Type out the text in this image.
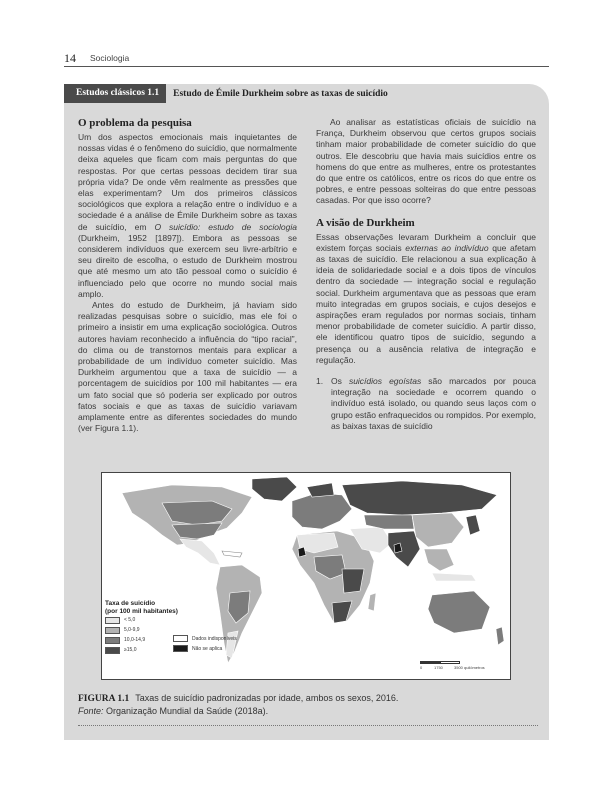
14 Sociologia
Estudos clássicos 1.1	Estudo de Émile Durkheim sobre as taxas de suicídio
O problema da pesquisa

Um dos aspectos emocionais mais inquietantes de nossas vidas é o fenômeno do suicídio, que normalmente deixa aqueles que ficam com mais perguntas do que respostas. Por que certas pessoas decidem tirar sua própria vida? De onde vêm realmente as pressões que elas experimentam? Um dos primeiros clássicos sociológicos que explora a relação entre o indivíduo e a sociedade é a análise de Émile Durkheim sobre as taxas de suicídio, em O suicídio: estudo de sociologia (Durkheim, 1952 [1897]). Embora as pessoas se considerem indivíduos que exercem seu livre-arbítrio e seu direito de escolha, o estudo de Durkheim mostrou que até mesmo um ato tão pessoal como o suicídio é influenciado pelo que ocorre no mundo social mais amplo.

Antes do estudo de Durkheim, já haviam sido realizadas pesquisas sobre o suicídio, mas ele foi o primeiro a insistir em uma explicação sociológica. Outros autores haviam reconhecido a influência do “tipo racial”, do clima ou de transtornos mentais para explicar a probabilidade de um indivíduo cometer suicídio. Mas Durkheim argumentou que a taxa de suicídio — a porcentagem de suicídios por 100 mil habitantes — era um fato social que só poderia ser explicado por outros fatos sociais e que as taxas de suicídio variavam amplamente entre as diferentes sociedades do mundo (ver Figura 1.1).

Ao analisar as estatísticas oficiais de suicídio na França, Durkheim observou que certos grupos sociais tinham maior probabilidade de cometer suicídio do que outros. Ele descobriu que havia mais suicídios entre os homens do que entre as mulheres, entre os protestantes do que entre os católicos, entre os ricos do que entre os pobres, e entre pessoas solteiras do que entre pessoas casadas. Por que isso ocorre?

A visão de Durkheim

Essas observações levaram Durkheim a concluir que existem forças sociais externas ao indivíduo que afetam as taxas de suicídio. Ele relacionou a sua explicação à ideia de solidariedade social e a dois tipos de vínculos dentro da sociedade — integração social e regulação social. Durkheim argumentava que as pessoas que eram muito integradas em grupos sociais, e cujos desejos e aspirações eram regulados por normas sociais, tinham menor probabilidade de cometer suicídio. A partir disso, ele identificou quatro tipos de suicídio, segundo a presença ou a ausência relativa de integração e regulação.

1. Os suicídios egoístas são marcados por pouca integração na sociedade e ocorrem quando o indivíduo está isolado, ou quando seus laços com o grupo estão enfraquecidos ou rompidos. Por exemplo, as baixas taxas de suicídio
Taxa de suicídio
(por 100 mil habitantes)
< 5,0
5,0-9,9
10,0-14,9
≥15,0
Dados indisponíveis
Não se aplica
0	1750	3500 quilômetros
FIGURA 1.1 Taxas de suicídio padronizadas por idade, ambos os sexos, 2016.
Fonte: Organização Mundial da Saúde (2018a).
